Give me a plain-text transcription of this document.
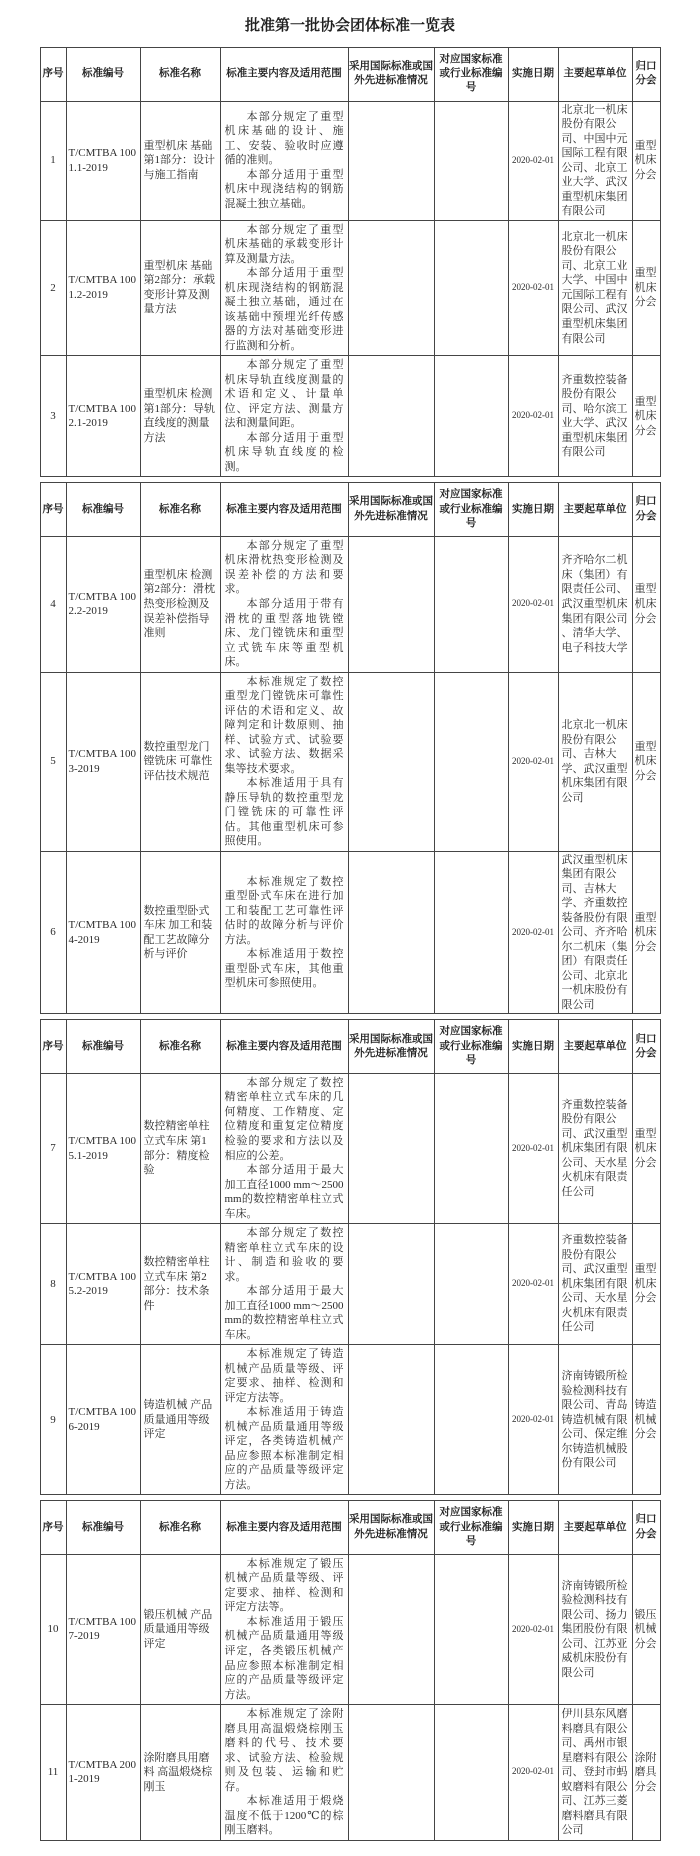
批准第一批协会团体标准一览表
序号	标准编号	标准名称	标准主要内容及适用范围	采用国际标准或国外先进标准情况	对应国家标准或行业标准编号	实施日期	主要起草单位	归口分会
1	T/CMTBA 1001.1-2019	重型机床 基础 第1部分：设计与施工指南	本部分规定了重型机床基础的设计、施工、安装、验收时应遵循的准则。

本部分适用于重型机床中现浇结构的钢筋混凝土独立基础。			2020-02-01	北京北一机床股份有限公司、中国中元国际工程有限公司、北京工业大学、武汉重型机床集团有限公司	重型机床分会
2	T/CMTBA 1001.2-2019	重型机床 基础 第2部分：承载变形计算及测量方法	本部分规定了重型机床基础的承载变形计算及测量方法。

本部分适用于重型机床现浇结构的钢筋混凝土独立基础，通过在该基础中预埋光纤传感器的方法对基础变形进行监测和分析。			2020-02-01	北京北一机床股份有限公司、北京工业大学、中国中元国际工程有限公司、武汉重型机床集团有限公司	重型机床分会
3	T/CMTBA 1002.1-2019	重型机床 检测 第1部分：导轨直线度的测量方法	本部分规定了重型机床导轨直线度测量的术语和定义、计量单位、评定方法、测量方法和测量间距。

本部分适用于重型机床导轨直线度的检测。			2020-02-01	齐重数控装备股份有限公司、哈尔滨工业大学、武汉重型机床集团有限公司	重型机床分会
序号	标准编号	标准名称	标准主要内容及适用范围	采用国际标准或国外先进标准情况	对应国家标准或行业标准编号	实施日期	主要起草单位	归口分会
4	T/CMTBA 1002.2-2019	重型机床 检测 第2部分：滑枕热变形检测及误差补偿指导准则	本部分规定了重型机床滑枕热变形检测及误差补偿的方法和要求。

本部分适用于带有滑枕的重型落地铣镗床、龙门镗铣床和重型立式铣车床等重型机床。			2020-02-01	齐齐哈尔二机床（集团）有限责任公司、武汉重型机床集团有限公司 、清华大学、电子科技大学	重型机床分会
5	T/CMTBA 1003-2019	数控重型龙门镗铣床 可靠性评估技术规范	本标准规定了数控重型龙门镗铣床可靠性评估的术语和定义、故障判定和计数原则、抽样、试验方式、试验要求、试验方法、数据采集等技术要求。

本标准适用于具有静压导轨的数控重型龙门镗铣床的可靠性评估。其他重型机床可参照使用。			2020-02-01	北京北一机床股份有限公司、吉林大学、武汉重型机床集团有限公司	重型机床分会
6	T/CMTBA 1004-2019	数控重型卧式车床 加工和装配工艺故障分析与评价	本标准规定了数控重型卧式车床在进行加工和装配工艺可靠性评估时的故障分析与评价方法。

本标准适用于数控重型卧式车床，其他重型机床可参照使用。			2020-02-01	武汉重型机床集团有限公司、吉林大学、齐重数控装备股份有限公司、齐齐哈尔二机床（集团）有限责任公司、北京北一机床股份有限公司	重型机床分会
序号	标准编号	标准名称	标准主要内容及适用范围	采用国际标准或国外先进标准情况	对应国家标准或行业标准编号	实施日期	主要起草单位	归口分会
7	T/CMTBA 1005.1-2019	数控精密单柱立式车床 第1部分：精度检验	本部分规定了数控精密单柱立式车床的几何精度、工作精度、定位精度和重复定位精度检验的要求和方法以及相应的公差。

本部分适用于最大加工直径1000 mm～2500 mm的数控精密单柱立式车床。			2020-02-01	齐重数控装备股份有限公司、武汉重型机床集团有限公司、天水星火机床有限责任公司	重型机床分会
8	T/CMTBA 1005.2-2019	数控精密单柱立式车床 第2部分：技术条件	本部分规定了数控精密单柱立式车床的设计、制造和验收的要求。

本部分适用于最大加工直径1000 mm～2500 mm的数控精密单柱立式车床。			2020-02-01	齐重数控装备股份有限公司、武汉重型机床集团有限公司、天水星火机床有限责任公司	重型机床分会
9	T/CMTBA 1006-2019	铸造机械 产品质量通用等级评定	本标准规定了铸造机械产品质量等级、评定要求、抽样、检测和评定方法等。

本标准适用于铸造机械产品质量通用等级评定，各类铸造机械产品应参照本标准制定相应的产品质量等级评定方法。			2020-02-01	济南铸锻所检验检测科技有限公司、青岛铸造机械有限公司、保定维尔铸造机械股份有限公司	铸造机械分会
序号	标准编号	标准名称	标准主要内容及适用范围	采用国际标准或国外先进标准情况	对应国家标准或行业标准编号	实施日期	主要起草单位	归口分会
10	T/CMTBA 1007-2019	锻压机械 产品质量通用等级评定	本标准规定了锻压机械产品质量等级、评定要求、抽样、检测和评定方法等。

本标准适用于锻压机械产品质量通用等级评定，各类锻压机械产品应参照本标准制定相应的产品质量等级评定方法。			2020-02-01	济南铸锻所检验检测科技有限公司、扬力集团股份有限公司、江苏亚威机床股份有限公司	锻压机械分会
11	T/CMTBA 2001-2019	涂附磨具用磨料 高温煅烧棕刚玉	本标准规定了涂附磨具用高温煅烧棕刚玉磨料的代号、技术要求、试验方法、检验规则及包装、运输和贮存。

本标准适用于煅烧温度不低于1200℃的棕刚玉磨料。			2020-02-01	伊川县东风磨料磨具有限公司、禹州市银星磨料有限公司、登封市蚂蚁磨料有限公司、江苏三菱磨料磨具有限公司	涂附磨具分会
